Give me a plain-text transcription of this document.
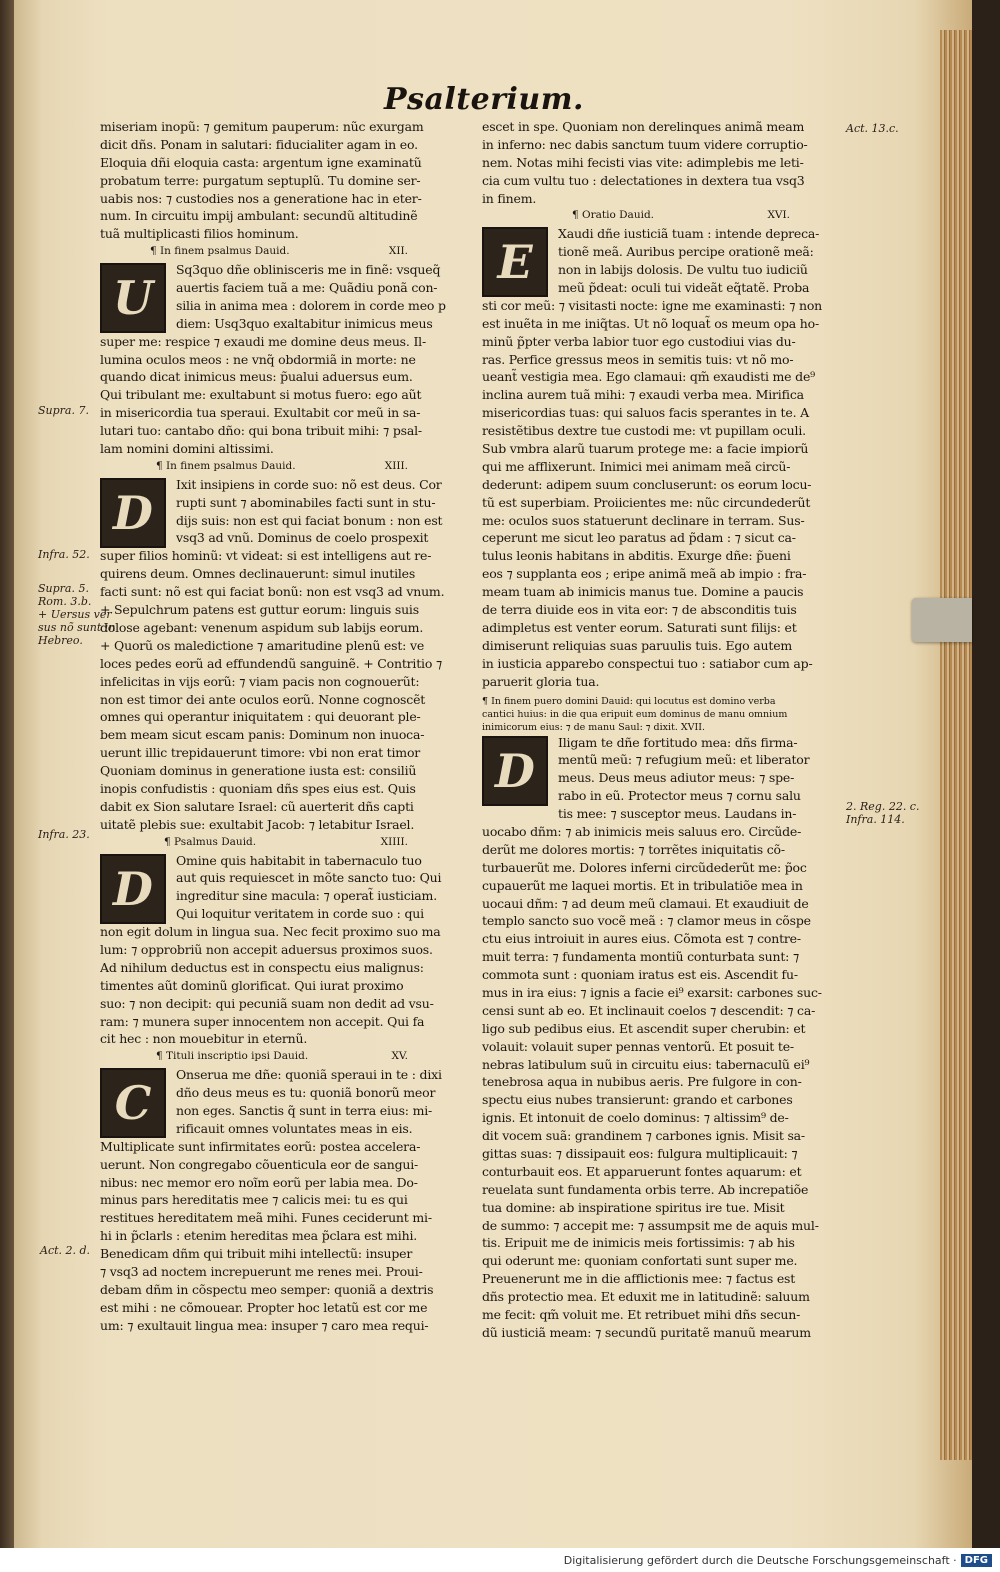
Psalterium.
miseriam inopũ: ⁊ gemitum pauperum: nũc exurgam
dicit dñs. Ponam in salutari: fiducialiter agam in eo.
Eloquia dñi eloquia casta: argentum igne examinatũ
probatum terre: purgatum septuplũ. Tu domine ser-
uabis nos: ⁊ custodies nos a generatione hac in eter-
num. In circuitu impij ambulant: secundũ altitudinẽ
tuã multiplicasti filios hominum.
¶ In finem psalmus Dauid.	XII.
U
Sq3quo dñe oblinisceris me in finẽ: vsqueq̃
auertis faciem tuã a me: Quãdiu ponã con-
silia in anima mea : dolorem in corde meo p
diem: Usq3quo exaltabitur inimicus meus
super me: respice ⁊ exaudi me domine deus meus. Il-
lumina oculos meos : ne vnq̃ obdormiã in morte: ne
quando dicat inimicus meus: p̃ualui aduersus eum.
Qui tribulant me: exultabunt si motus fuero: ego aũt
in misericordia tua speraui. Exultabit cor meũ in sa-
lutari tuo: cantabo dño: qui bona tribuit mihi: ⁊ psal-
lam nomini domini altissimi.
¶ In finem psalmus Dauid.	XIII.
D
Ixit insipiens in corde suo: nõ est deus. Cor
rupti sunt ⁊ abominabiles facti sunt in stu-
dijs suis: non est qui faciat bonum : non est
vsq3 ad vnũ. Dominus de coelo prospexit
super filios hominũ: vt videat: si est intelligens aut re-
quirens deum. Omnes declinauerunt: simul inutiles
facti sunt: nõ est qui faciat bonũ: non est vsq3 ad vnum.
+ Sepulchrum patens est guttur eorum: linguis suis
dolose agebant: venenum aspidum sub labijs eorum.
+ Quorũ os maledictione ⁊ amaritudine plenũ est: ve
loces pedes eorũ ad effundendũ sanguinẽ. + Contritio ⁊
infelicitas in vijs eorũ: ⁊ viam pacis non cognouerũt:
non est timor dei ante oculos eorũ. Nonne cognoscẽt
omnes qui operantur iniquitatem : qui deuorant ple-
bem meam sicut escam panis: Dominum non inuoca-
uerunt illic trepidauerunt timore: vbi non erat timor
Quoniam dominus in generatione iusta est: consiliũ
inopis confudistis : quoniam dñs spes eius est. Quis
dabit ex Sion salutare Israel: cũ auerterit dñs capti
uitatẽ plebis sue: exultabit Jacob: ⁊ letabitur Israel.
¶ Psalmus Dauid.	XIIII.
D
Omine quis habitabit in tabernaculo tuo
aut quis requiescet in mõte sancto tuo: Qui
ingreditur sine macula: ⁊ operat̃ iusticiam.
Qui loquitur veritatem in corde suo : qui
non egit dolum in lingua sua. Nec fecit proximo suo ma
lum: ⁊ opprobriũ non accepit aduersus proximos suos.
Ad nihilum deductus est in conspectu eius malignus:
timentes aũt dominũ glorificat. Qui iurat proximo
suo: ⁊ non decipit: qui pecuniã suam non dedit ad vsu-
ram: ⁊ munera super innocentem non accepit. Qui fa
cit hec : non mouebitur in eternũ.
¶ Tituli inscriptio ipsi Dauid.	XV.
C
Onserua me dñe: quoniã speraui in te : dixi
dño deus meus es tu: quoniã bonorũ meor
non eges. Sanctis q̃ sunt in terra eius: mi-
rificauit omnes voluntates meas in eis.
Multiplicate sunt infirmitates eorũ: postea accelera-
uerunt. Non congregabo cõuenticula eor de sangui-
nibus: nec memor ero noĩm eorũ per labia mea. Do-
minus pars hereditatis mee ⁊ calicis mei: tu es qui
restitues hereditatem meã mihi. Funes ceciderunt mi-
hi in p̃clarls : etenim hereditas mea p̃clara est mihi.
Benedicam dñm qui tribuit mihi intellectũ: insuper
⁊ vsq3 ad noctem increpuerunt me renes mei. Proui-
debam dñm in cõspectu meo semper: quoniã a dextris
est mihi : ne cõmouear. Propter hoc letatũ est cor me
um: ⁊ exultauit lingua mea: insuper ⁊ caro mea requi-
escet in spe. Quoniam non derelinques animã meam
in inferno: nec dabis sanctum tuum videre corruptio-
nem. Notas mihi fecisti vias vite: adimplebis me leti-
cia cum vultu tuo : delectationes in dextera tua vsq3
in finem.
¶ Oratio Dauid.	XVI.
E
Xaudi dñe iusticiã tuam : intende depreca-
tionẽ meã. Auribus percipe orationẽ meã:
non in labijs dolosis. De vultu tuo iudiciũ
meũ p̃deat: oculi tui videãt eq̃tatẽ. Proba
sti cor meũ: ⁊ visitasti nocte: igne me examinasti: ⁊ non
est inuẽta in me iniq̃tas. Ut nõ loquat̃ os meum opa ho-
minũ p̃pter verba labior tuor ego custodiui vias du-
ras. Perfice gressus meos in semitis tuis: vt nõ mo-
ueant̃ vestigia mea. Ego clamaui: qm̃ exaudisti me de⁹
inclina aurem tuã mihi: ⁊ exaudi verba mea. Mirifica
misericordias tuas: qui saluos facis sperantes in te. A
resistẽtibus dextre tue custodi me: vt pupillam oculi.
Sub vmbra alarũ tuarum protege me: a facie impiorũ
qui me afflixerunt. Inimici mei animam meã circũ-
dederunt: adipem suum concluserunt: os eorum locu-
tũ est superbiam. Proiicientes me: nũc circundederũt
me: oculos suos statuerunt declinare in terram. Sus-
ceperunt me sicut leo paratus ad p̃dam : ⁊ sicut ca-
tulus leonis habitans in abditis. Exurge dñe: p̃ueni
eos ⁊ supplanta eos ; eripe animã meã ab impio : fra-
meam tuam ab inimicis manus tue. Domine a paucis
de terra diuide eos in vita eor: ⁊ de absconditis tuis
adimpletus est venter eorum. Saturati sunt filijs: et
dimiserunt reliquias suas paruulis tuis. Ego autem
in iusticia apparebo conspectui tuo : satiabor cum ap-
paruerit gloria tua.
¶ In finem puero domini Dauid: qui locutus est domino verba
cantici huius: in die qua eripuit eum dominus de manu omnium
inimicorum eius: ⁊ de manu Saul: ⁊ dixit. XVII.
D
Iligam te dñe fortitudo mea: dñs firma-
mentũ meũ: ⁊ refugium meũ: et liberator
meus. Deus meus adiutor meus: ⁊ spe-
rabo in eũ. Protector meus ⁊ cornu salu
tis mee: ⁊ susceptor meus. Laudans in-
uocabo dñm: ⁊ ab inimicis meis saluus ero. Circũde-
derũt me dolores mortis: ⁊ torrẽtes iniquitatis cõ-
turbauerũt me. Dolores inferni circũdederũt me: p̃oc
cupauerũt me laquei mortis. Et in tribulatiõe mea in
uocaui dñm: ⁊ ad deum meũ clamaui. Et exaudiuit de
templo sancto suo vocẽ meã : ⁊ clamor meus in cõspe
ctu eius introiuit in aures eius. Cõmota est ⁊ contre-
muit terra: ⁊ fundamenta montiũ conturbata sunt: ⁊
commota sunt : quoniam iratus est eis. Ascendit fu-
mus in ira eius: ⁊ ignis a facie ei⁹ exarsit: carbones suc-
censi sunt ab eo. Et inclinauit coelos ⁊ descendit: ⁊ ca-
ligo sub pedibus eius. Et ascendit super cherubin: et
volauit: volauit super pennas ventorũ. Et posuit te-
nebras latibulum suũ in circuitu eius: tabernaculũ ei⁹
tenebrosa aqua in nubibus aeris. Pre fulgore in con-
spectu eius nubes transierunt: grando et carbones
ignis. Et intonuit de coelo dominus: ⁊ altissim⁹ de-
dit vocem suã: grandinem ⁊ carbones ignis. Misit sa-
gittas suas: ⁊ dissipauit eos: fulgura multiplicauit: ⁊
conturbauit eos. Et apparuerunt fontes aquarum: et
reuelata sunt fundamenta orbis terre. Ab increpatiõe
tua domine: ab inspiratione spiritus ire tue. Misit
de summo: ⁊ accepit me: ⁊ assumpsit me de aquis mul-
tis. Eripuit me de inimicis meis fortissimis: ⁊ ab his
qui oderunt me: quoniam confortati sunt super me.
Preuenerunt me in die afflictionis mee: ⁊ factus est
dñs protectio mea. Et eduxit me in latitudinẽ: saluum
me fecit: qm̃ voluit me. Et retribuet mihi dñs secun-
dũ iusticiã meam: ⁊ secundũ puritatẽ manuũ mearum
Act. 13.c.
Supra. 7.
Infra. 52.
Supra. 5.
Rom. 3.b.
+ Uersus ver
sus nõ sunt in
Hebreo.
Infra. 23.
2. Reg. 22. c.
Infra. 114.
Act. 2. d.
Digitalisierung gefördert durch die Deutsche Forschungsgemeinschaft · DFG
